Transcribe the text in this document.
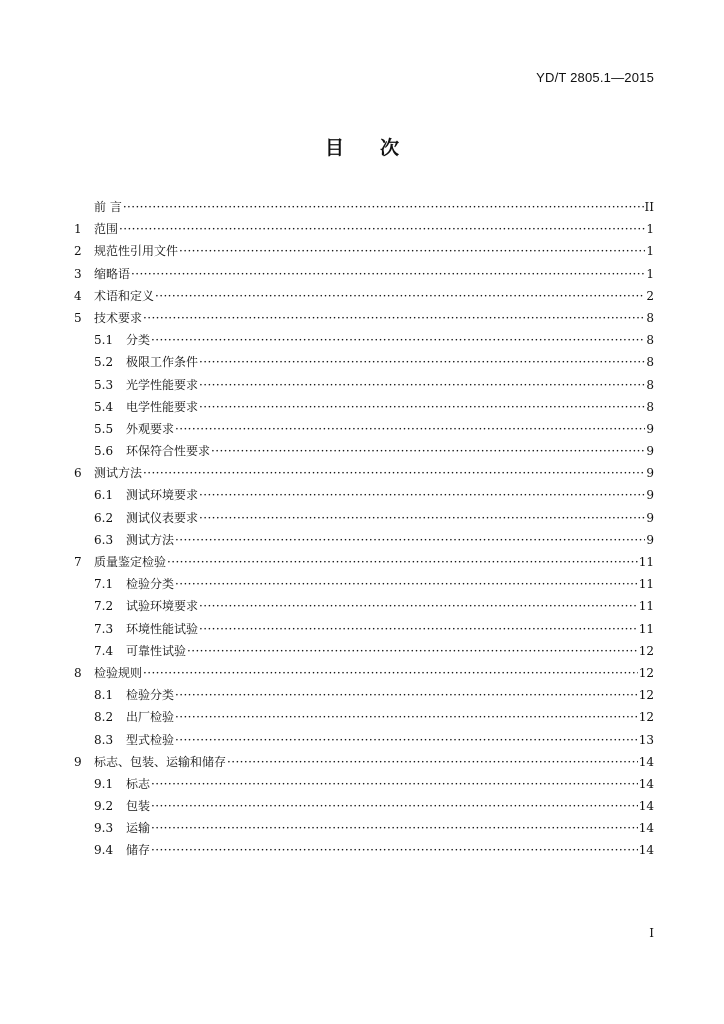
YD/T 2805.1—2015
目次
前 言 ·····	II
1	范围 ·····	1
2	规范性引用文件 ·····	1
3	缩略语 ·····	1
4	术语和定义 ·····	2
5	技术要求 ·····	8
5.1	分类 ·····	8
5.2	极限工作条件 ·····	8
5.3	光学性能要求 ·····	8
5.4	电学性能要求 ·····	8
5.5	外观要求 ·····	9
5.6	环保符合性要求 ·····	9
6	测试方法 ·····	9
6.1	测试环境要求 ·····	9
6.2	测试仪表要求 ·····	9
6.3	测试方法 ·····	9
7	质量鉴定检验 ·····	11
7.1	检验分类 ·····	11
7.2	试验环境要求 ·····	11
7.3	环境性能试验 ·····	11
7.4	可靠性试验 ·····	12
8	检验规则 ·····	12
8.1	检验分类 ·····	12
8.2	出厂检验 ·····	12
8.3	型式检验 ·····	13
9	标志、包装、运输和储存 ·····	14
9.1	标志 ·····	14
9.2	包装 ·····	14
9.3	运输 ·····	14
9.4	储存 ·····	14
I
